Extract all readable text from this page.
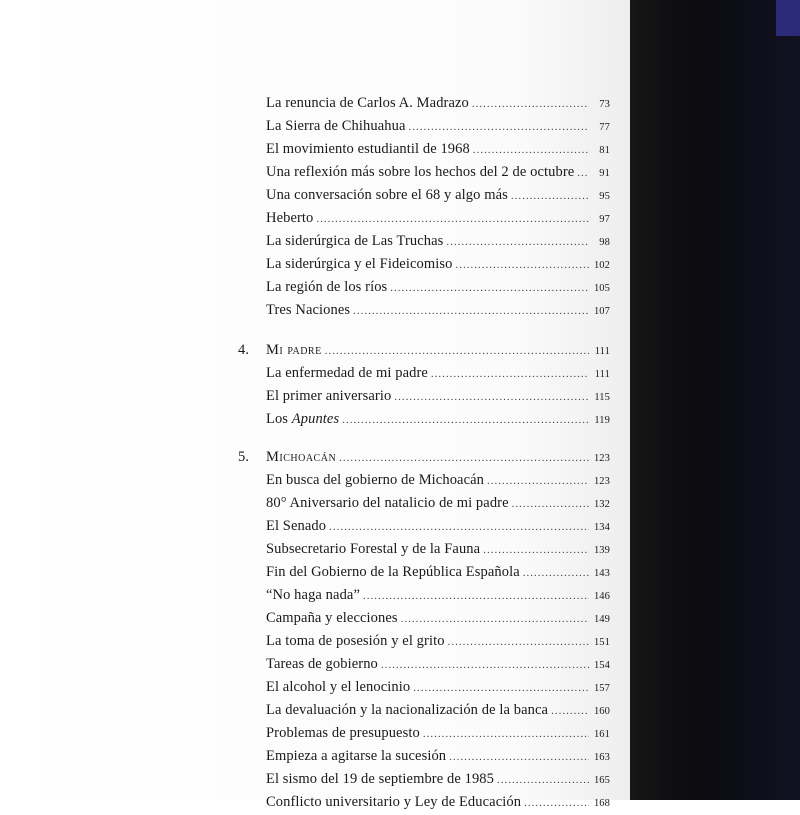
La renuncia de Carlos A. Madrazo .....	73
La Sierra de Chihuahua .....	77
El movimiento estudiantil de 1968 .....	81
Una reflexión más sobre los hechos del 2 de octubre .....	91
Una conversación sobre el 68 y algo más .....	95
Heberto .....	97
La siderúrgica de Las Truchas .....	98
La siderúrgica y el Fideicomiso .....	102
La región de los ríos .....	105
Tres Naciones .....	107
4.	Mi padre .....	111
La enfermedad de mi padre .....	111
El primer aniversario .....	115
Los Apuntes .....	119
5.	Michoacán .....	123
En busca del gobierno de Michoacán .....	123
80° Aniversario del natalicio de mi padre .....	132
El Senado .....	134
Subsecretario Forestal y de la Fauna .....	139
Fin del Gobierno de la República Española .....	143
“No haga nada” .....	146
Campaña y elecciones .....	149
La toma de posesión y el grito .....	151
Tareas de gobierno .....	154
El alcohol y el lenocinio .....	157
La devaluación y la nacionalización de la banca .....	160
Problemas de presupuesto .....	161
Empieza a agitarse la sucesión .....	163
El sismo del 19 de septiembre de 1985 .....	165
Conflicto universitario y Ley de Educación .....	168
